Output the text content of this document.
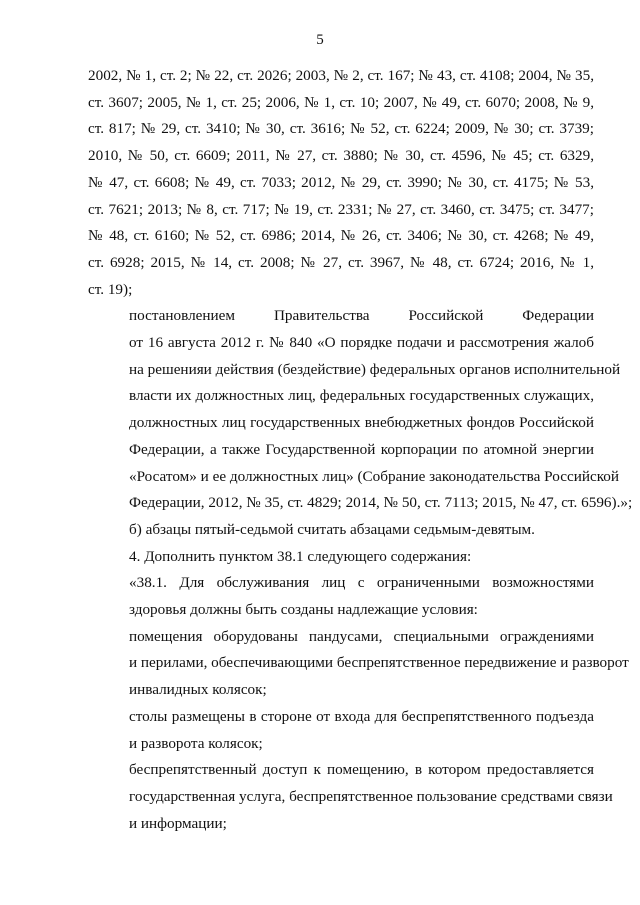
5

2002, № 1, ст. 2; № 22, ст. 2026; 2003, № 2, ст. 167; № 43, ст. 4108; 2004, № 35,
ст. 3607; 2005, № 1, ст. 25; 2006, № 1, ст. 10; 2007, № 49, ст. 6070; 2008, № 9,
ст. 817; № 29, ст. 3410; № 30, ст. 3616; № 52, ст. 6224; 2009, № 30; ст. 3739;
2010, № 50, ст. 6609; 2011, № 27, ст. 3880; № 30, ст. 4596, № 45; ст. 6329,
№ 47, ст. 6608; № 49, ст. 7033; 2012, № 29, ст. 3990; № 30, ст. 4175; № 53,
ст. 7621; 2013; № 8, ст. 717; № 19, ст. 2331; № 27, ст. 3460, ст. 3475; ст. 3477;
№ 48, ст. 6160; № 52, ст. 6986; 2014, № 26, ст. 3406; № 30, ст. 4268; № 49,
ст. 6928; 2015, № 14, ст. 2008; № 27, ст. 3967, № 48, ст. 6724; 2016, № 1,
ст. 19);

постановлением Правительства Российской Федерации
от 16 августа 2012 г. № 840 «О порядке подачи и рассмотрения жалоб
на решенияи действия (бездействие) федеральных органов исполнительной
власти их должностных лиц, федеральных государственных служащих,
должностных лиц государственных внебюджетных фондов Российской
Федерации, а также Государственной корпорации по атомной энергии
«Росатом» и ее должностных лиц» (Собрание законодательства Российской
Федерации, 2012, № 35, ст. 4829; 2014, № 50, ст. 7113; 2015, № 47, ст. 6596).»;

б) абзацы пятый-седьмой считать абзацами седьмым-девятым.

4. Дополнить пунктом 38.1 следующего содержания:

«38.1. Для обслуживания лиц с ограниченными возможностями
здоровья должны быть созданы надлежащие условия:

помещения оборудованы пандусами, специальными ограждениями
и перилами, обеспечивающими беспрепятственное передвижение и разворот
инвалидных колясок;

столы размещены в стороне от входа для беспрепятственного подъезда
и разворота колясок;

беспрепятственный доступ к помещению, в котором предоставляется
государственная услуга, беспрепятственное пользование средствами связи
и информации;
